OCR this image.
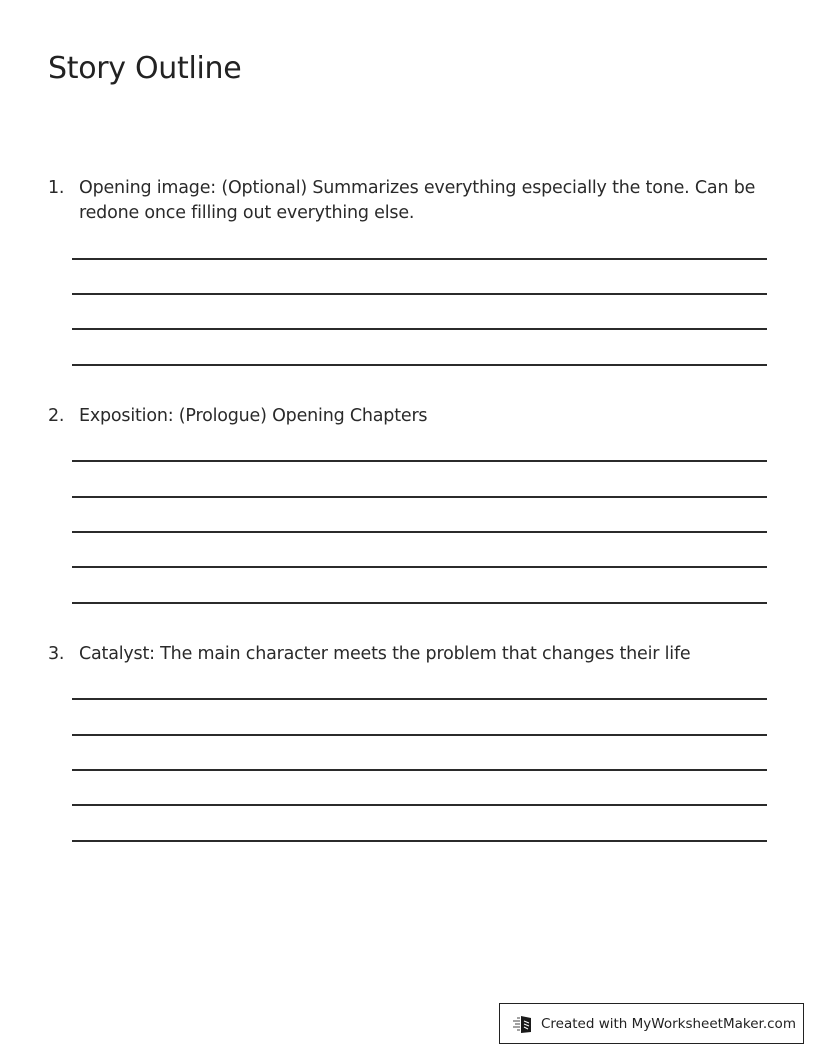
Story Outline
1. Opening image: (Optional) Summarizes everything especially the tone. Can be redone once filling out everything else.
2. Exposition: (Prologue) Opening Chapters
3. Catalyst: The main character meets the problem that changes their life
Created with MyWorksheetMaker.com
